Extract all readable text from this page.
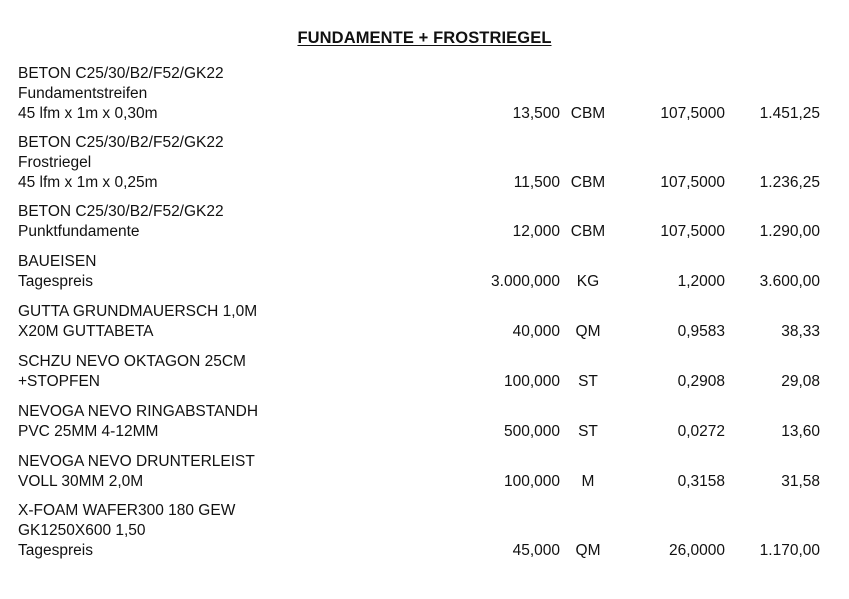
FUNDAMENTE + FROSTRIEGEL
BETON C25/30/B2/F52/GK22
Fundamentstreifen
45 lfm x 1m x 0,30m	13,500 CBM	107,5000 1.451,25
BETON C25/30/B2/F52/GK22
Frostriegel
45 lfm x 1m x 0,25m	11,500 CBM	107,5000 1.236,25
BETON C25/30/B2/F52/GK22
Punktfundamente	12,000 CBM	107,5000 1.290,00
BAUEISEN
Tagespreis	3.000,000	KG	1,2000 3.600,00
GUTTA GRUNDMAUERSCH 1,0M
X20M GUTTABETA	40,000	QM	0,9583	38,33
SCHZU NEVO OKTAGON 25CM
+STOPFEN	100,000	ST	0,2908	29,08
NEVOGA NEVO RINGABSTANDH
PVC 25MM 4-12MM	500,000	ST	0,0272	13,60
NEVOGA NEVO DRUNTERLEIST
VOLL 30MM 2,0M	100,000	M	0,3158	31,58
X-FOAM WAFER300 180 GEW
GK1250X600 1,50
Tagespreis	45,000	QM	26,0000 1.170,00
